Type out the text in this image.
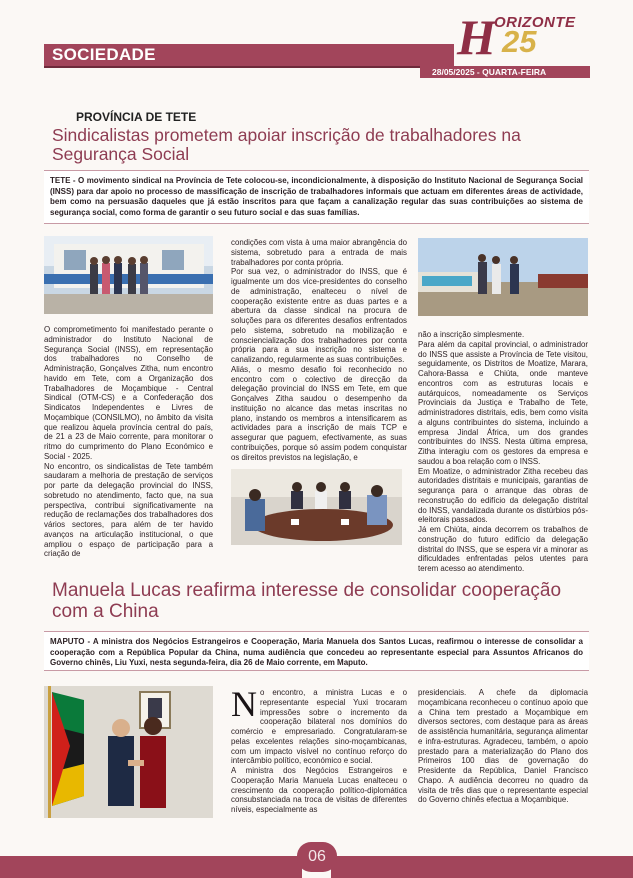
SOCIEDADE	H
ORIZONTE
25
28/05/2025 - QUARTA-FEIRA
PROVÍNCIA DE TETE
Sindicalistas prometem apoiar inscrição de trabalhadores na Segurança Social
TETE - O movimento sindical na Província de Tete colocou-se, incondicionalmente, à disposição do Instituto Nacional de Segurança Social (INSS) para dar apoio no processo de massificação de inscrição de trabalhadores informais que actuam em diferentes áreas de actividade, bem como na persuasão daqueles que já estão inscritos para que façam a canalização regular das suas contribuições ao sistema de segurança social, como forma de garantir o seu futuro social e das suas famílias.

O comprometimento foi manifestado perante o administrador do Instituto Nacional de Segurança Social (INSS), em representação dos trabalhadores no Conselho de Administração, Gonçalves Zitha, num encontro havido em Tete, com a Organização dos Trabalhadores de Moçambique - Central Sindical (OTM-CS) e a Confederação dos Sindicatos Independentes e Livres de Moçambique (CONSILMO), no âmbito da visita que realizou àquela província central do país, de 21 a 23 de Maio corrente, para monitorar o ritmo do cumprimento do Plano Económico e Social - 2025.

No encontro, os sindicalistas de Tete também saudaram a melhoria de prestação de serviços por parte da delegação provincial do INSS, sobretudo no atendimento, facto que, na sua perspectiva, contribui significativamente na redução de reclamações dos trabalhadores dos vários sectores, para além de ter havido avanços na articulação institucional, o que ampliou o espaço de participação para a criação de

condições com vista à uma maior abrangência do sistema, sobretudo para a entrada de mais trabalhadores por conta própria.

Por sua vez, o administrador do INSS, que é igualmente um dos vice-presidentes do conselho de administração, enalteceu o nível de cooperação existente entre as duas partes e a abertura da classe sindical na procura de soluções para os diferentes desafios enfrentados pelo sistema, sobretudo na mobilização e consciencialização dos trabalhadores por conta própria para a sua inscrição no sistema e canalizando, regularmente as suas contribuições.

Aliás, o mesmo desafio foi reconhecido no encontro com o colectivo de direcção da delegação provincial do INSS em Tete, em que Gonçalves Zitha saudou o desempenho da instituição no alcance das metas inscritas no plano, instando os membros a intensificarem as actividades para a inscrição de mais TCP e assegurar que paguem, efectivamente, as suas contribuições, porque só assim podem conquistar os direitos previstos na legislação, e

não a inscrição simplesmente.

Para além da capital provincial, o administrador do INSS que assiste a Província de Tete visitou, seguidamente, os Distritos de Moatize, Marara, Cahora-Bassa e Chiúta, onde manteve encontros com as estruturas locais e autárquicos, nomeadamente os Serviços Provinciais da Justiça e Trabalho de Tete, administradores distritais, edis, bem como visita a alguns contribuintes do sistema, incluindo a empresa Jindal África, um dos grandes contribuintes do INSS. Nesta última empresa, Zitha interagiu com os gestores da empresa e saudou a boa relação com o INSS.

Em Moatize, o administrador Zitha recebeu das autoridades distritais e municipais, garantias de segurança para o arranque das obras de reconstrução do edifício da delegação distrital do INSS, vandalizada durante os distúrbios pós-eleitorais passados.

Já em Chiúta, ainda decorrem os trabalhos de construção do futuro edifício da delegação distrital do INSS, que se espera vir a minorar as dificuldades enfrentadas pelos utentes para terem acesso ao atendimento.

Manuela Lucas reafirma interesse de consolidar cooperação com a China
MAPUTO - A ministra dos Negócios Estrangeiros e Cooperação, Maria Manuela dos Santos Lucas, reafirmou o interesse de consolidar a cooperação com a República Popular da China, numa audiência que concedeu ao representante especial para Assuntos Africanos do Governo chinês, Liu Yuxi, nesta segunda-feira, dia 26 de Maio corrente, em Maputo.
N o encontro, a ministra Lucas e o representante especial Yuxi trocaram impressões sobre o incremento da cooperação bilateral nos domínios do comércio e empresariado. Congratularam-se pelas excelentes relações sino-moçambicanas, com um impacto visível no contínuo reforço do intercâmbio político, económico e social.

A ministra dos Negócios Estrangeiros e Cooperação Maria Manuela Lucas enalteceu o crescimento da cooperação político-diplomática consubstanciada na troca de visitas de diferentes níveis, especialmente as

presidenciais. A chefe da diplomacia moçambicana reconheceu o contínuo apoio que a China tem prestado a Moçambique em diversos sectores, com destaque para as áreas de assistência humanitária, segurança alimentar e infra-estruturas. Agradeceu, também, o apoio prestado para a materialização do Plano dos Primeiros 100 dias de governação do Presidente da República, Daniel Francisco Chapo. A audiência decorreu no quadro da visita de três dias que o representante especial do Governo chinês efectua a Moçambique.

06
